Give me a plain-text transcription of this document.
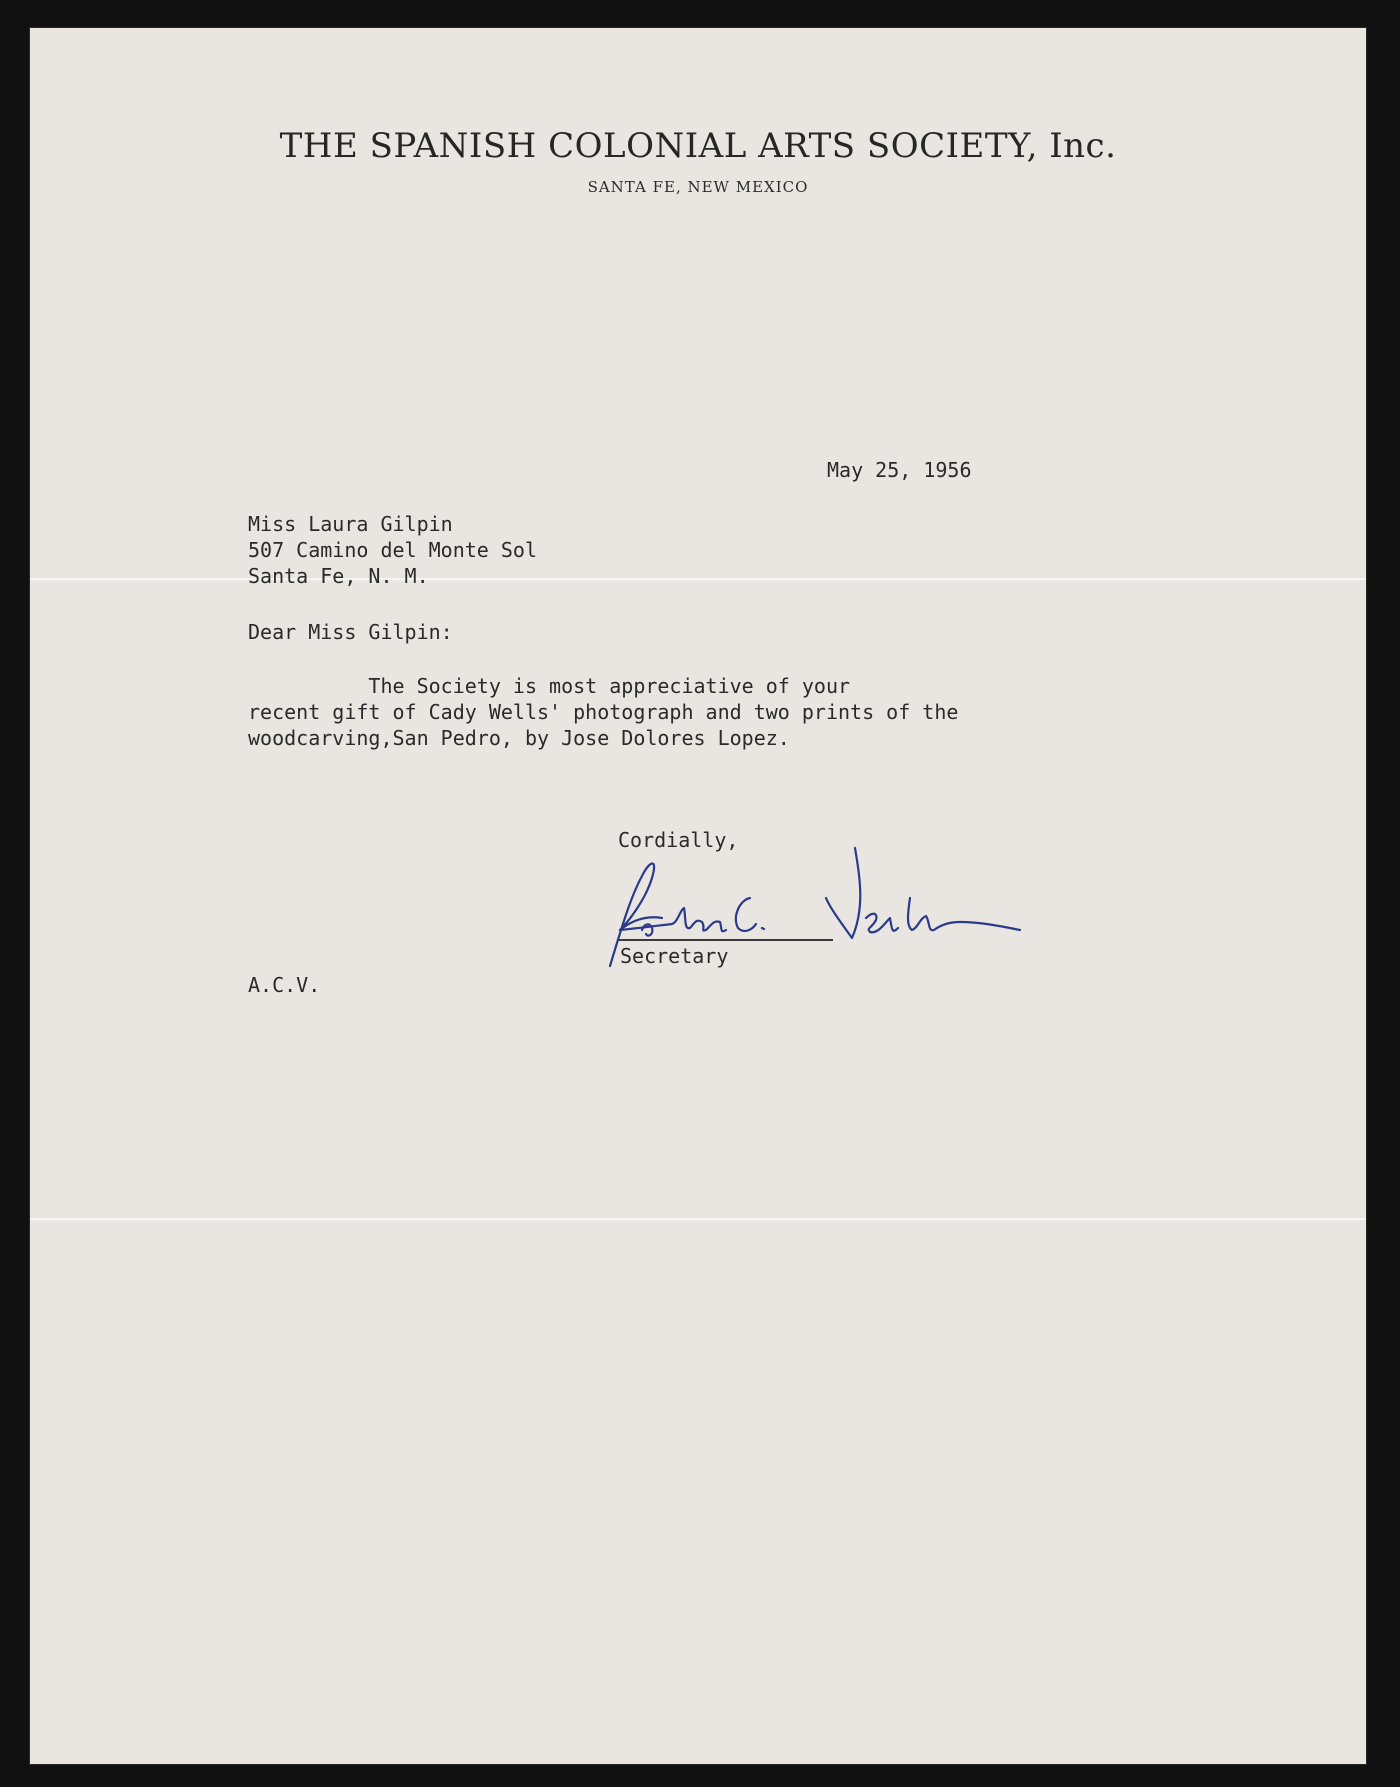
THE SPANISH COLONIAL ARTS SOCIETY, Inc.
SANTA FE, NEW MEXICO
May 25, 1956
Miss Laura Gilpin
507 Camino del Monte Sol
Santa Fe, N. M.
Dear Miss Gilpin:
The Society is most appreciative of your
recent gift of Cady Wells' photograph and two prints of the
woodcarving,San Pedro, by Jose Dolores Lopez.
Cordially,
Secretary
A.C.V.
